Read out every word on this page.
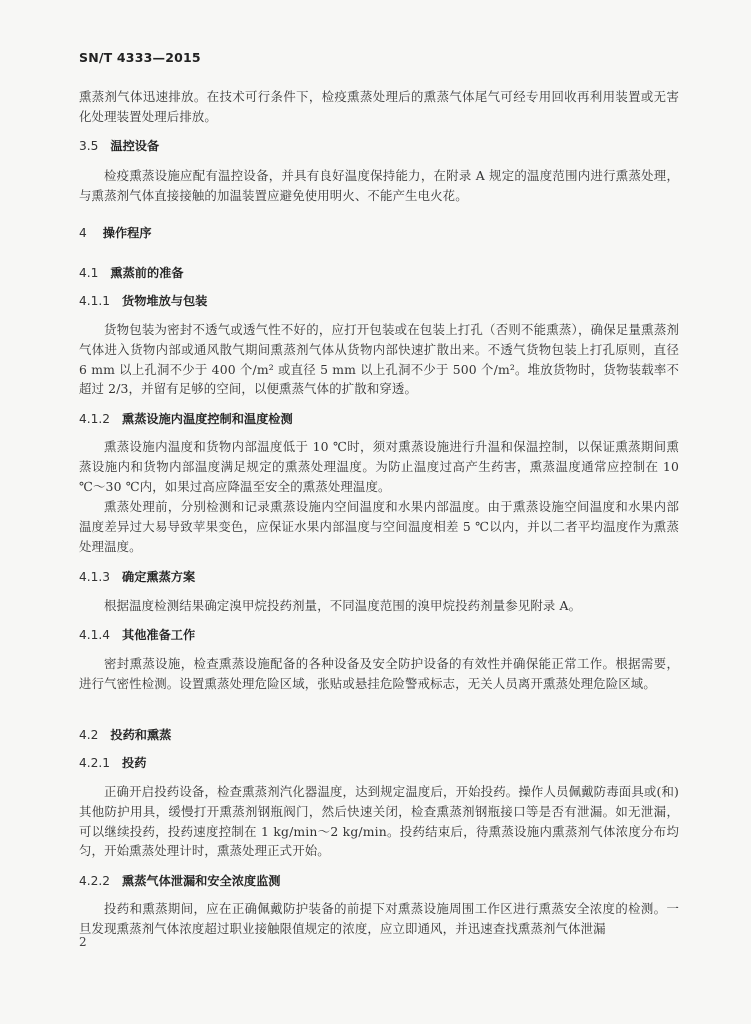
SN/T 4333—2015

熏蒸剂气体迅速排放。在技术可行条件下，检疫熏蒸处理后的熏蒸气体尾气可经专用回收再利用装置或无害化处理装置处理后排放。

3.5 温控设备

检疫熏蒸设施应配有温控设备，并具有良好温度保持能力，在附录 A 规定的温度范围内进行熏蒸处理，与熏蒸剂气体直接接触的加温装置应避免使用明火、不能产生电火花。

4 操作程序
4.1 熏蒸前的准备
4.1.1 货物堆放与包装

货物包装为密封不透气或透气性不好的，应打开包装或在包装上打孔（否则不能熏蒸），确保足量熏蒸剂气体进入货物内部或通风散气期间熏蒸剂气体从货物内部快速扩散出来。不透气货物包装上打孔原则，直径 6 mm 以上孔洞不少于 400 个/m² 或直径 5 mm 以上孔洞不少于 500 个/m²。堆放货物时，货物装载率不超过 2/3，并留有足够的空间，以便熏蒸气体的扩散和穿透。

4.1.2 熏蒸设施内温度控制和温度检测

熏蒸设施内温度和货物内部温度低于 10 ℃时，须对熏蒸设施进行升温和保温控制，以保证熏蒸期间熏蒸设施内和货物内部温度满足规定的熏蒸处理温度。为防止温度过高产生药害，熏蒸温度通常应控制在 10 ℃～30 ℃内，如果过高应降温至安全的熏蒸处理温度。

熏蒸处理前，分别检测和记录熏蒸设施内空间温度和水果内部温度。由于熏蒸设施空间温度和水果内部温度差异过大易导致苹果变色，应保证水果内部温度与空间温度相差 5 ℃以内，并以二者平均温度作为熏蒸处理温度。

4.1.3 确定熏蒸方案

根据温度检测结果确定溴甲烷投药剂量，不同温度范围的溴甲烷投药剂量参见附录 A。

4.1.4 其他准备工作

密封熏蒸设施，检查熏蒸设施配备的各种设备及安全防护设备的有效性并确保能正常工作。根据需要，进行气密性检测。设置熏蒸处理危险区域，张贴或悬挂危险警戒标志，无关人员离开熏蒸处理危险区域。

4.2 投药和熏蒸
4.2.1 投药

正确开启投药设备，检查熏蒸剂汽化器温度，达到规定温度后，开始投药。操作人员佩戴防毒面具或(和)其他防护用具，缓慢打开熏蒸剂钢瓶阀门，然后快速关闭，检查熏蒸剂钢瓶接口等是否有泄漏。如无泄漏，可以继续投药，投药速度控制在 1 kg/min～2 kg/min。投药结束后，待熏蒸设施内熏蒸剂气体浓度分布均匀，开始熏蒸处理计时，熏蒸处理正式开始。

4.2.2 熏蒸气体泄漏和安全浓度监测

投药和熏蒸期间，应在正确佩戴防护装备的前提下对熏蒸设施周围工作区进行熏蒸安全浓度的检测。一旦发现熏蒸剂气体浓度超过职业接触限值规定的浓度，应立即通风，并迅速查找熏蒸剂气体泄漏

2
